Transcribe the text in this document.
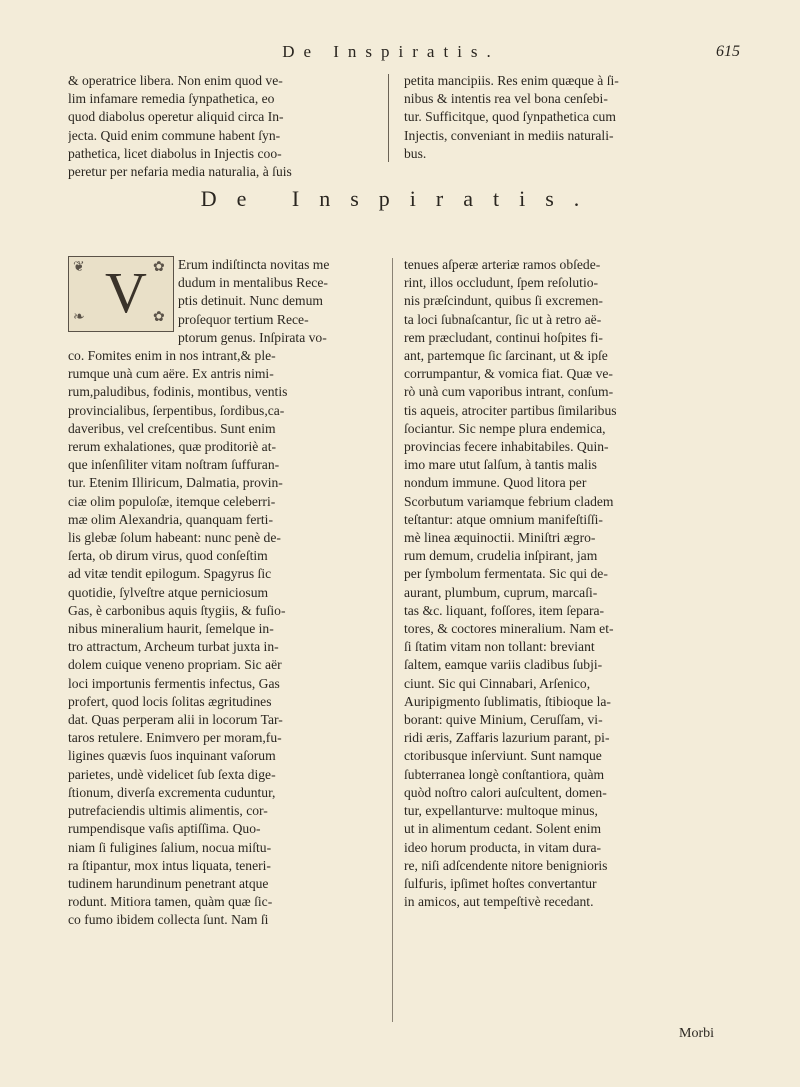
De Inspiratis.	615
& operatrice libera. Non enim quod ve-
lim infamare remedia ſynpathetica, eo
quod diabolus operetur aliquid circa In-
jecta. Quid enim commune habent ſyn-
pathetica, licet diabolus in Injectis coo-
peretur per nefaria media naturalia, à ſuis
petita mancipiis. Res enim quæque à ſi-
nibus & intentis rea vel bona cenſebi-
tur. Sufficitque, quod ſynpathetica cum
Injectis, conveniant in mediis naturali-
bus.
De Inspiratis.
❦
❧
✿
✿
V	Erum indiſtincta novitas me
dudum in mentalibus Rece-
ptis detinuit. Nunc demum
proſequor tertium Rece-
ptorum genus. Inſpirata vo-
co. Fomites enim in nos intrant,& ple-
rumque unà cum aëre. Ex antris nimi-
rum,paludibus, fodinis, montibus, ventis
provincialibus, ſerpentibus, ſordibus,ca-
daveribus, vel creſcentibus. Sunt enim
rerum exhalationes, quæ proditoriè at-
que inſenſiliter vitam noſtram ſuffuran-
tur. Etenim Illiricum, Dalmatia, provin-
ciæ olim populoſæ, itemque celeberri-
mæ olim Alexandria, quanquam ferti-
lis glebæ ſolum habeant: nunc penè de-
ſerta, ob dirum virus, quod conſeſtim
ad vitæ tendit epilogum. Spagyrus ſic
quotidie, ſylveſtre atque perniciosum
Gas, è carbonibus aquis ſtygiis, & fuſio-
nibus mineralium haurit, ſemelque in-
tro attractum, Archeum turbat juxta in-
dolem cuique veneno propriam. Sic aër
loci importunis fermentis infectus, Gas
profert, quod locis ſolitas ægritudines
dat. Quas perperam alii in locorum Tar-
taros retulere. Enimvero per moram,fu-
ligines quævis ſuos inquinant vaſorum
parietes, undè videlicet ſub ſexta dige-
ſtionum, diverſa excrementa cuduntur,
putrefaciendis ultimis alimentis, cor-
rumpendisque vaſis aptiſſima. Quo-
niam ſi fuligines ſalium, nocua miſtu-
ra ſtipantur, mox intus liquata, teneri-
tudinem harundinum penetrant atque
rodunt. Mitiora tamen, quàm quæ ſic-
co fumo ibidem collecta ſunt. Nam ſi
tenues aſperæ arteriæ ramos obſede-
rint, illos occludunt, ſpem reſolutio-
nis præſcindunt, quibus ſi excremen-
ta loci ſubnaſcantur, ſic ut à retro aë-
rem præcludant, continui hoſpites fi-
ant, partemque ſic ſarcinant, ut & ipſe
corrumpantur, & vomica fiat. Quæ ve-
rò unà cum vaporibus intrant, conſum-
tis aqueis, atrociter partibus ſimilaribus
ſociantur. Sic nempe plura endemica,
provincias fecere inhabitabiles. Quin-
imo mare utut ſalſum, à tantis malis
nondum immune. Quod litora per
Scorbutum variamque febrium cladem
teſtantur: atque omnium manifeſtiſſi-
mè linea æquinoctii. Miniſtri ægro-
rum demum, crudelia inſpirant, jam
per ſymbolum fermentata. Sic qui de-
aurant, plumbum, cuprum, marcaſi-
tas &c. liquant, foſſores, item ſepara-
tores, & coctores mineralium. Nam et-
ſi ſtatim vitam non tollant: breviant
ſaltem, eamque variis cladibus ſubji-
ciunt. Sic qui Cinnabari, Arſenico,
Auripigmento ſublimatis, ſtibioque la-
borant: quive Minium, Ceruſſam, vi-
ridi æris, Zaffaris lazurium parant, pi-
ctoribusque inſerviunt. Sunt namque
ſubterranea longè conſtantiora, quàm
quòd noſtro calori auſcultent, domen-
tur, expellanturve: multoque minus,
ut in alimentum cedant. Solent enim
ideo horum producta, in vitam dura-
re, niſi adſcendente nitore benignioris
ſulfuris, ipſimet hoſtes convertantur
in amicos, aut tempeſtivè recedant.
Morbi
